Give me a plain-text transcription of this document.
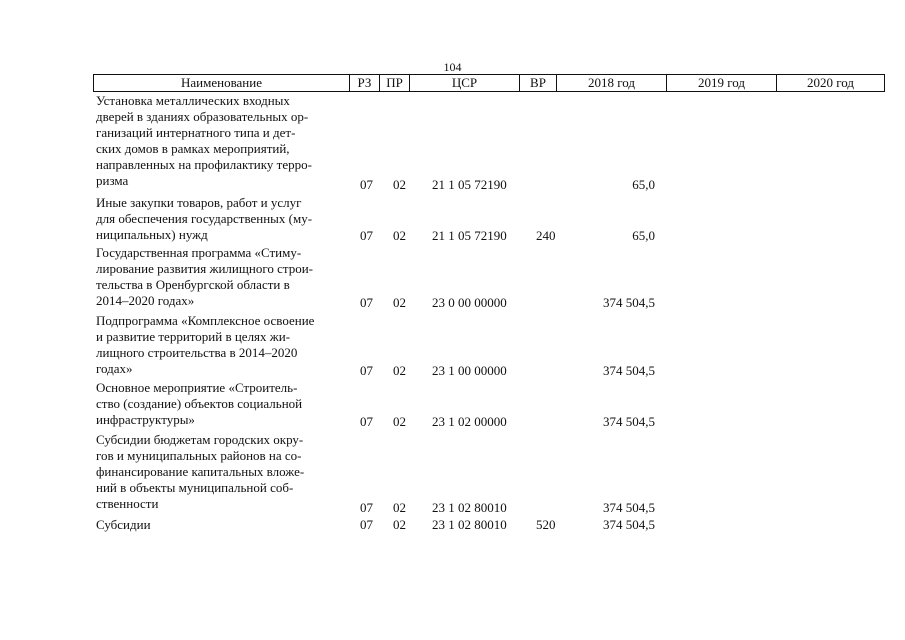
104
Наименование	РЗ	ПР	ЦСР	ВР	2018 год	2019 год	2020 год
Установка металлических входных
дверей в зданиях образовательных ор-
ганизаций интернатного типа и дет-
ских домов в рамках мероприятий,
направленных на профилактику терро-
ризма	07 02 21 1 05 72190	65,0
Иные закупки товаров, работ и услуг
для обеспечения государственных (му-
ниципальных) нужд	07 02 21 1 05 72190 240	65,0
Государственная программа «Стиму-
лирование развития жилищного строи-
тельства в Оренбургской области в
2014–2020 годах»	07 02 23 0 00 00000	374 504,5
Подпрограмма «Комплексное освоение
и развитие территорий в целях жи-
лищного строительства в 2014–2020
годах»	07 02 23 1 00 00000	374 504,5
Основное мероприятие «Строитель-
ство (создание) объектов социальной
инфраструктуры»	07 02 23 1 02 00000	374 504,5
Субсидии бюджетам городских окру-
гов и муниципальных районов на со-
финансирование капитальных вложе-
ний в объекты муниципальной соб-
ственности	07 02 23 1 02 80010	374 504,5
Субсидии	07 02 23 1 02 80010 520	374 504,5
